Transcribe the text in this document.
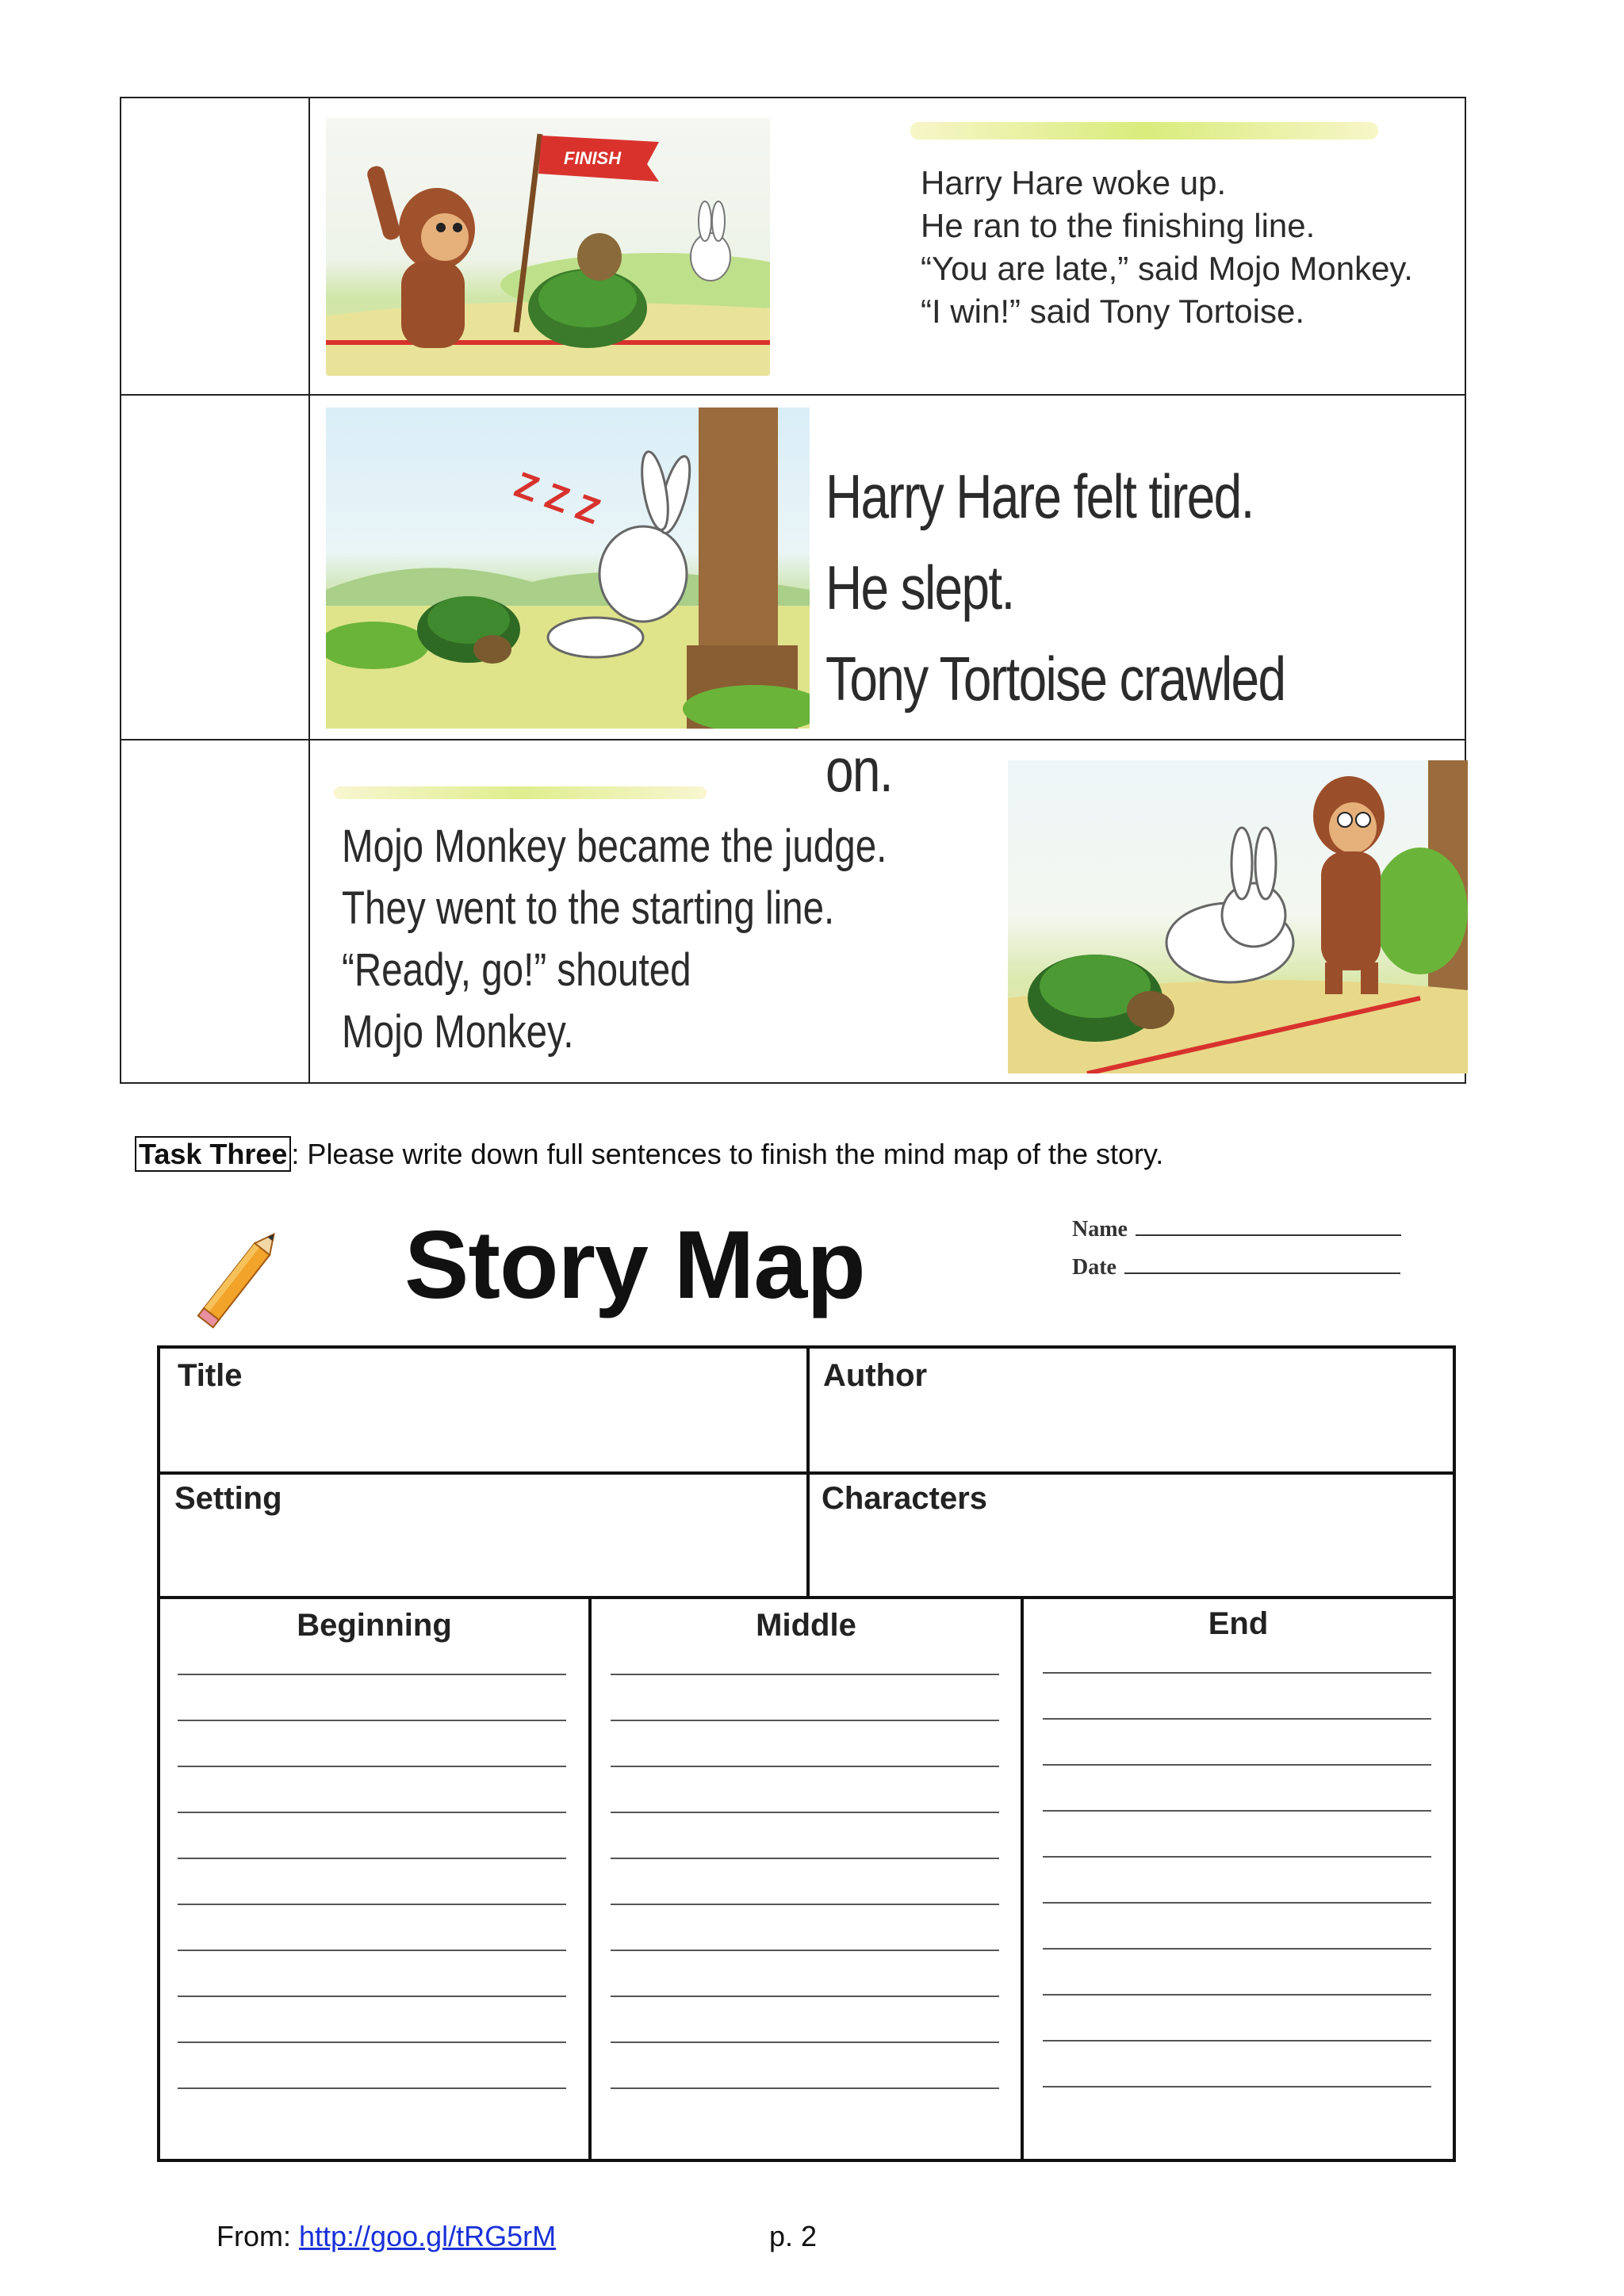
FINISH

Harry Hare woke up.

He ran to the finishing line.

“You are late,” said Mojo Monkey.

“I win!” said Tony Tortoise.

Z Z Z	Harry Hare felt tired.

He slept.

Tony Tortoise crawled on.

Mojo Monkey became the judge.

They went to the starting line.

“Ready, go!” shouted

Mojo Monkey.

Task Three : Please write down full sentences to finish the mind map of the story.
Story Map	Name
Date
Title	Author
Setting	Characters
Beginning	Middle	End
From: http://goo.gl/tRG5rM	p. 2
